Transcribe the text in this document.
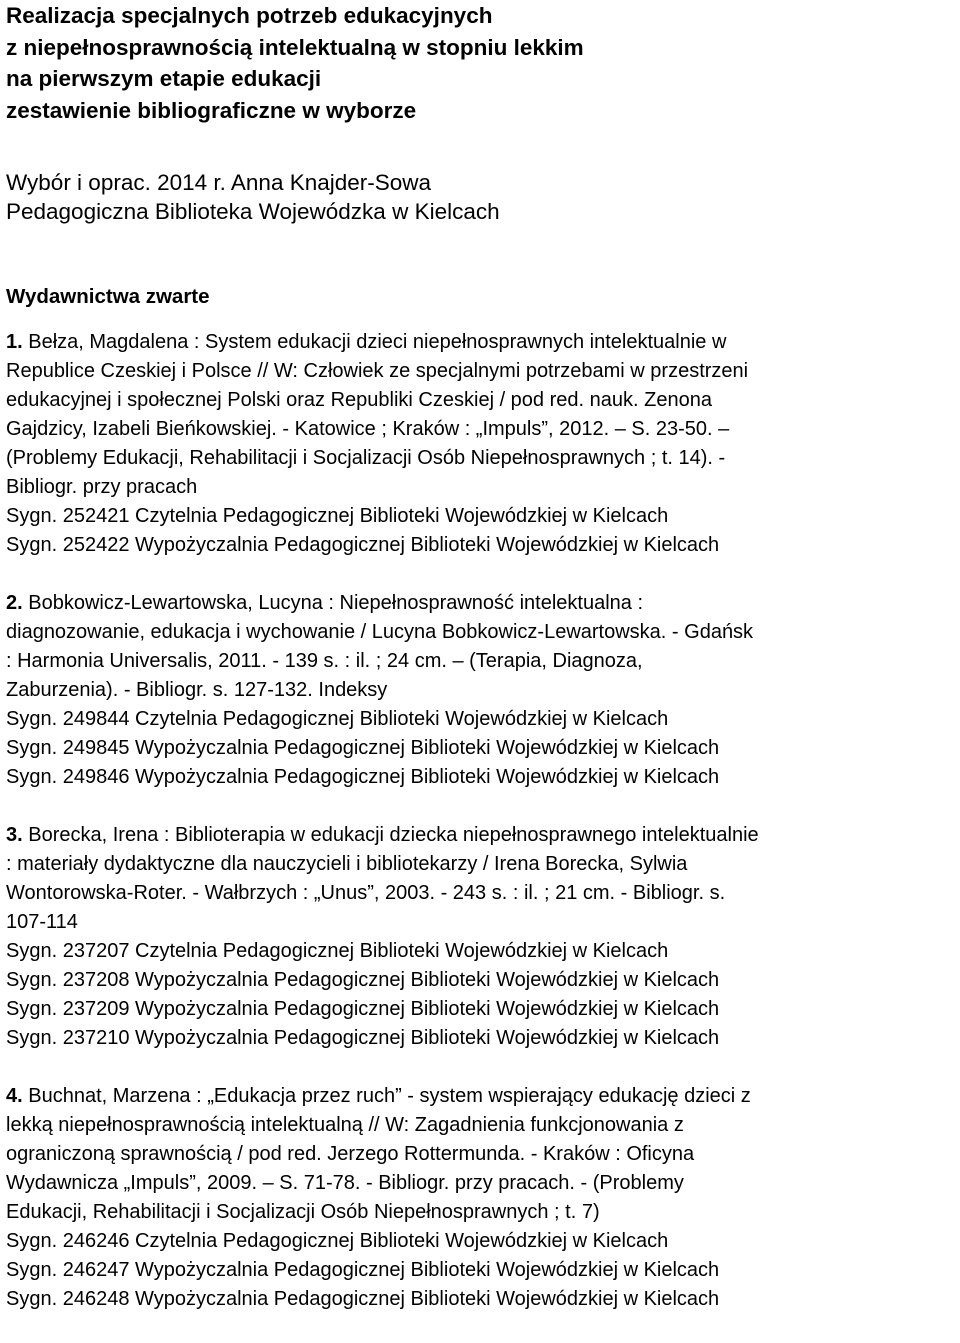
Realizacja specjalnych potrzeb edukacyjnych
z niepełnosprawnością intelektualną w stopniu lekkim
na pierwszym etapie edukacji
zestawienie bibliograficzne w wyborze
Wybór i oprac. 2014 r. Anna Knajder-Sowa
Pedagogiczna Biblioteka Wojewódzka w Kielcach
Wydawnictwa zwarte
1. Bełza, Magdalena : System edukacji dzieci niepełnosprawnych intelektualnie w
Republice Czeskiej i Polsce // W: Człowiek ze specjalnymi potrzebami w przestrzeni
edukacyjnej i społecznej Polski oraz Republiki Czeskiej / pod red. nauk. Zenona
Gajdzicy, Izabeli Bieńkowskiej. - Katowice ; Kraków : „Impuls”, 2012. – S. 23-50. –
(Problemy Edukacji, Rehabilitacji i Socjalizacji Osób Niepełnosprawnych ; t. 14). -
Bibliogr. przy pracach
Sygn. 252421 Czytelnia Pedagogicznej Biblioteki Wojewódzkiej w Kielcach
Sygn. 252422 Wypożyczalnia Pedagogicznej Biblioteki Wojewódzkiej w Kielcach
2. Bobkowicz-Lewartowska, Lucyna : Niepełnosprawność intelektualna :
diagnozowanie, edukacja i wychowanie / Lucyna Bobkowicz-Lewartowska. - Gdańsk
: Harmonia Universalis, 2011. - 139 s. : il. ; 24 cm. – (Terapia, Diagnoza,
Zaburzenia). - Bibliogr. s. 127-132. Indeksy
Sygn. 249844 Czytelnia Pedagogicznej Biblioteki Wojewódzkiej w Kielcach
Sygn. 249845 Wypożyczalnia Pedagogicznej Biblioteki Wojewódzkiej w Kielcach
Sygn. 249846 Wypożyczalnia Pedagogicznej Biblioteki Wojewódzkiej w Kielcach
3. Borecka, Irena : Biblioterapia w edukacji dziecka niepełnosprawnego intelektualnie
: materiały dydaktyczne dla nauczycieli i bibliotekarzy / Irena Borecka, Sylwia
Wontorowska-Roter. - Wałbrzych : „Unus”, 2003. - 243 s. : il. ; 21 cm. - Bibliogr. s.
107-114
Sygn. 237207 Czytelnia Pedagogicznej Biblioteki Wojewódzkiej w Kielcach
Sygn. 237208 Wypożyczalnia Pedagogicznej Biblioteki Wojewódzkiej w Kielcach
Sygn. 237209 Wypożyczalnia Pedagogicznej Biblioteki Wojewódzkiej w Kielcach
Sygn. 237210 Wypożyczalnia Pedagogicznej Biblioteki Wojewódzkiej w Kielcach
4. Buchnat, Marzena : „Edukacja przez ruch” - system wspierający edukację dzieci z
lekką niepełnosprawnością intelektualną // W: Zagadnienia funkcjonowania z
ograniczoną sprawnością / pod red. Jerzego Rottermunda. - Kraków : Oficyna
Wydawnicza „Impuls”, 2009. – S. 71-78. - Bibliogr. przy pracach. - (Problemy
Edukacji, Rehabilitacji i Socjalizacji Osób Niepełnosprawnych ; t. 7)
Sygn. 246246 Czytelnia Pedagogicznej Biblioteki Wojewódzkiej w Kielcach
Sygn. 246247 Wypożyczalnia Pedagogicznej Biblioteki Wojewódzkiej w Kielcach
Sygn. 246248 Wypożyczalnia Pedagogicznej Biblioteki Wojewódzkiej w Kielcach
